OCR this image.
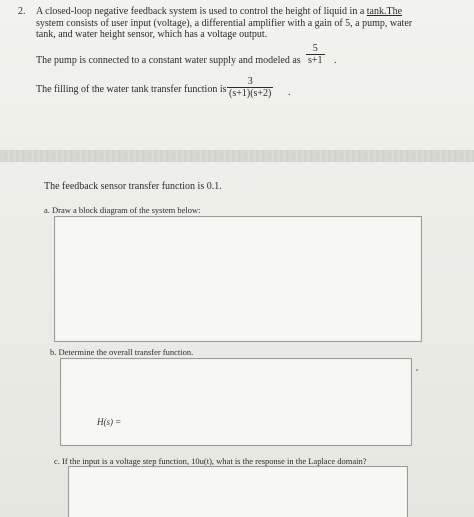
2. A closed-loop negative feedback system is used to control the height of liquid in a tank.The
system consists of user input (voltage), a differential amplifier with a gain of 5, a pump, water
tank, and water height sensor, which has a voltage output.
The pump is connected to a constant water supply and modeled as $\frac{5}{s+1}$ .
The filling of the water tank transfer function is $\frac{3}{(s+1)(s+2)}$ .
The feedback sensor transfer function is 0.1.
a. Draw a block diagram of the system below:
b. Determine the overall transfer function.
H(s) =
c. If the input is a voltage step function, 10u(t), what is the response in the Laplace domain?
